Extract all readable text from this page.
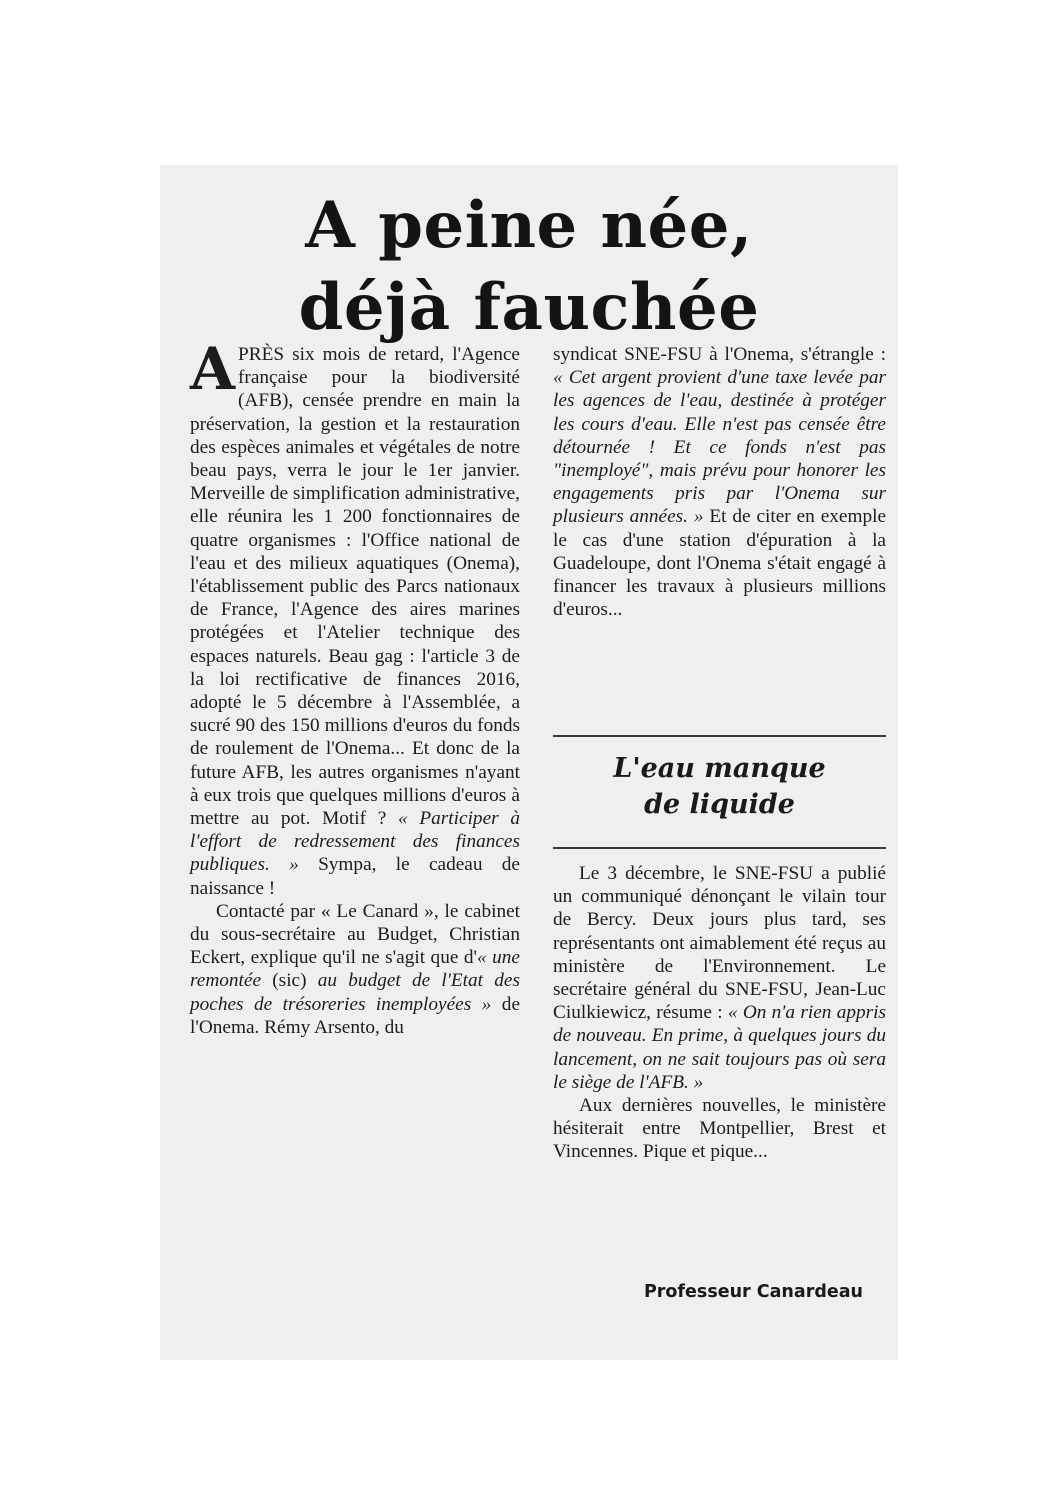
A peine née,
déjà fauchée

APRÈS six mois de retard, l'Agence française pour la biodiversité (AFB), censée prendre en main la préservation, la gestion et la restauration des espèces animales et végétales de notre beau pays, verra le jour le 1er janvier. Merveille de simplification administrative, elle réunira les 1 200 fonctionnaires de quatre organismes : l'Office national de l'eau et des milieux aquatiques (Onema), l'établissement public des Parcs nationaux de France, l'Agence des aires marines protégées et l'Atelier technique des espaces naturels. Beau gag : l'article 3 de la loi rectificative de finances 2016, adopté le 5 décembre à l'Assemblée, a sucré 90 des 150 millions d'euros du fonds de roulement de l'Onema... Et donc de la future AFB, les autres organismes n'ayant à eux trois que quelques millions d'euros à mettre au pot. Motif ? « Participer à l'effort de redressement des finances publiques. » Sympa, le cadeau de naissance !

Contacté par « Le Canard », le cabinet du sous-secrétaire au Budget, Christian Eckert, explique qu'il ne s'agit que d'« une remontée (sic) au budget de l'Etat des poches de trésoreries inemployées » de l'Onema. Rémy Arsento, du

syndicat SNE-FSU à l'Onema, s'étrangle : « Cet argent provient d'une taxe levée par les agences de l'eau, destinée à protéger les cours d'eau. Elle n'est pas censée être détournée ! Et ce fonds n'est pas "inemployé", mais prévu pour honorer les engagements pris par l'Onema sur plusieurs années. » Et de citer en exemple le cas d'une station d'épuration à la Guadeloupe, dont l'Onema s'était engagé à financer les travaux à plusieurs millions d'euros...

L'eau manque
de liquide

Le 3 décembre, le SNE-FSU a publié un communiqué dénonçant le vilain tour de Bercy. Deux jours plus tard, ses représentants ont aimablement été reçus au ministère de l'Environnement. Le secrétaire général du SNE-FSU, Jean-Luc Ciulkiewicz, résume : « On n'a rien appris de nouveau. En prime, à quelques jours du lancement, on ne sait toujours pas où sera le siège de l'AFB. »

Aux dernières nouvelles, le ministère hésiterait entre Montpellier, Brest et Vincennes. Pique et pique...

Professeur Canardeau
